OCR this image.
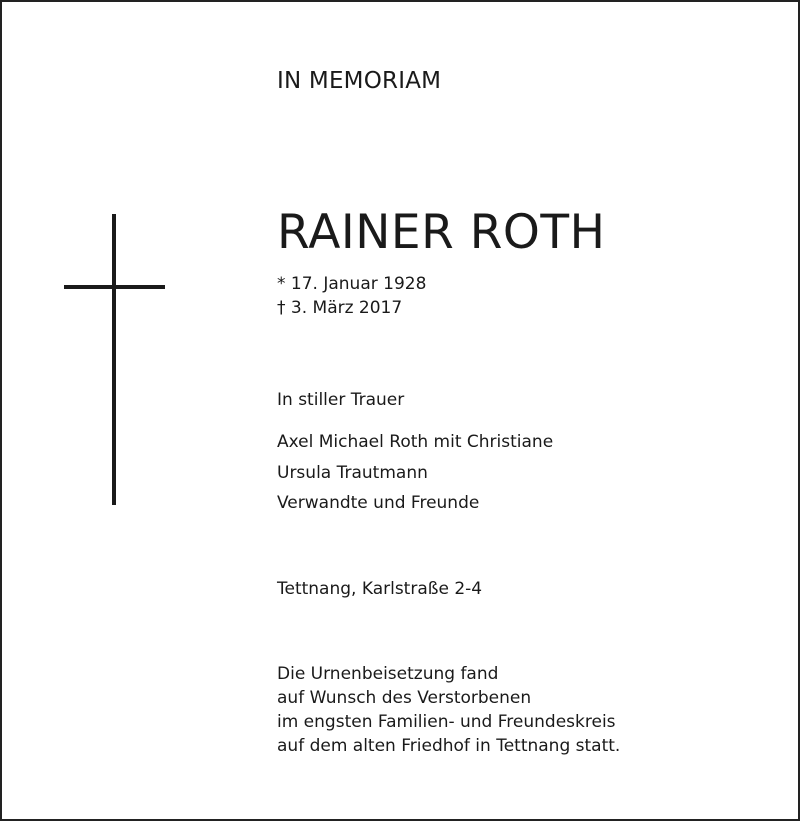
IN MEMORIAM
RAINER ROTH
* 17. Januar 1928
† 3. März 2017
In stiller Trauer
Axel Michael Roth mit Christiane
Ursula Trautmann
Verwandte und Freunde
Tettnang, Karlstraße 2-4
Die Urnenbeisetzung fand
auf Wunsch des Verstorbenen
im engsten Familien- und Freundeskreis
auf dem alten Friedhof in Tettnang statt.
